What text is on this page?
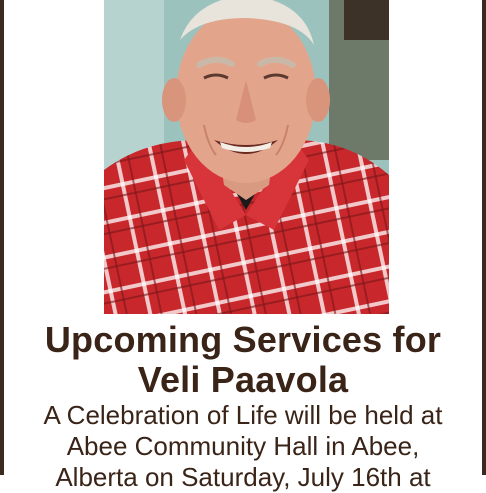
Upcoming Services for
Veli Paavola
A Celebration of Life will be held at
Abee Community Hall in Abee,
Alberta on Saturday, July 16th at
